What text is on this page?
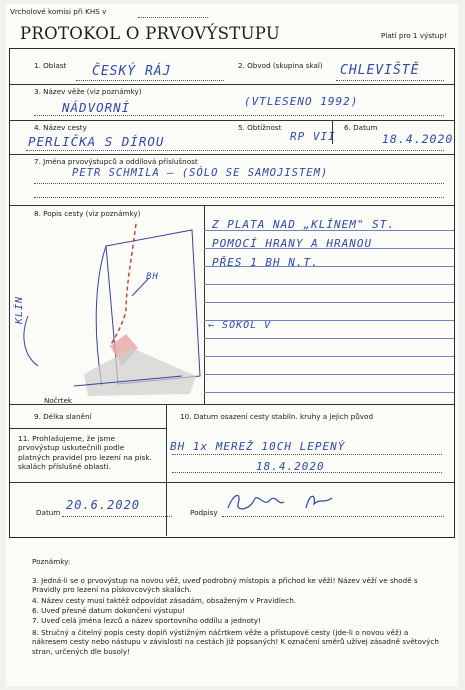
Vrcholové komisi při KHS v
PROTOKOL O PRVOVÝSTUPU	Platí pro 1 výstup!
1. Oblast ČESKÝ RÁJ	2. Obvod (skupina skal) CHLEVIŠTĚ
3. Název věže (viz poznámky)
NÁDVORNÍ	(VTLESENO 1992)
4. Název cesty
PERLIČKA S DÍROU
5. Obtížnost
RP VII
6. Datum
18.4.2020
7. Jména prvovýstupců a oddílová příslušnost
PETR SCHMILA — (SÓLO SE SAMOJISTEM)
8. Popis cesty (viz poznámky)
BH
KLÍN
Nočrtek
Z PLATA NAD „KLÍNEM" ST.
POMOCÍ HRANY A HRANOU
PŘES 1 BH N.T.
← SOKOL V
9. Délka slanění	10. Datum osazení cesty stabiln. kruhy a jejich původ
BH 1x MEREŽ 10CH LEPENÝ
18.4.2020
11. Prohlašujeme, že jsme prvovýstup uskutečnili podle platných pravidel pro lezení na pisk. skalách příslušné oblasti.
Datum
20.6.2020
Podpisy
Poznámky:
3. Jedná-li se o prvovýstup na novou věž, uveď podrobný místopis a přichod ke věži! Název věží ve shodě s Pravidly pro lezení na pískovcových skalách.
4. Název cesty musí taktéž odpovídat zásadám, obsaženým v Pravidlech.
6. Uveď přesné datum dokončení výstupu!
7. Uveď celá jména lezců a název sportovního oddílu a jednoty!
8. Stručný a čitelný popis cesty doplň výstižným náčrtkem věže a přístupové cesty (jde-li o novou věž) a nákresem cesty nebo nástupu v závislosti na cestách již popsaných! K označení směrů užívej zásadně světových stran, určených dle busoly!
